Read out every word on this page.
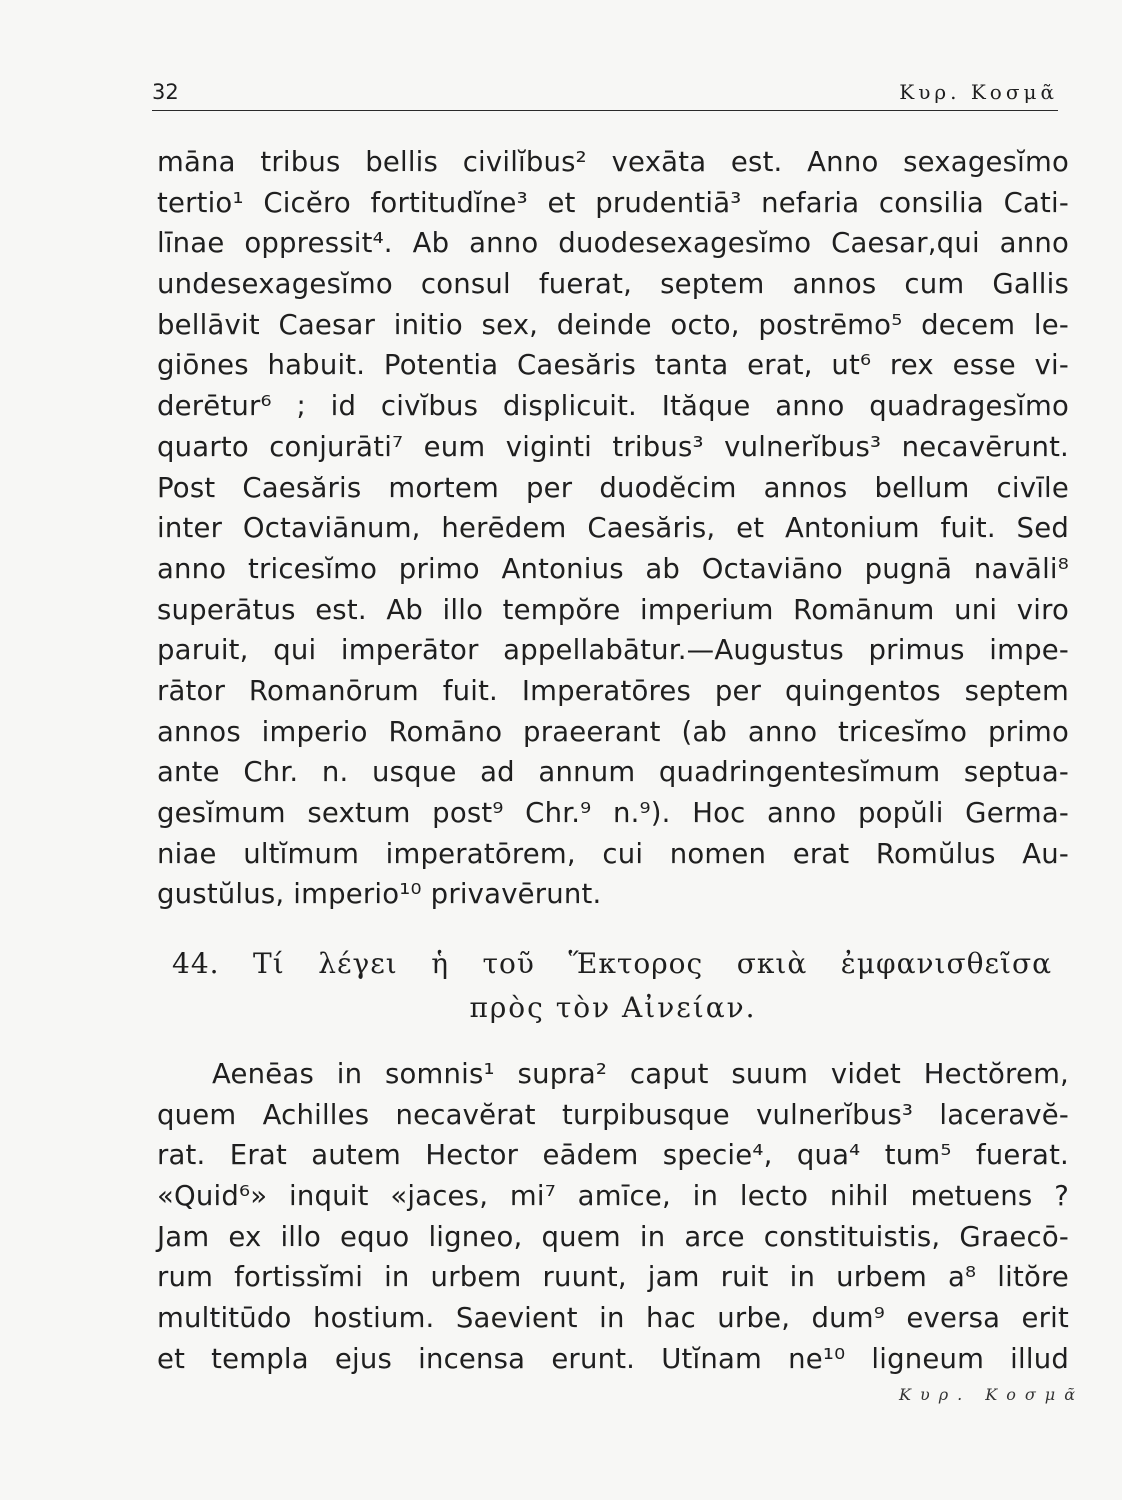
32	Κυρ. Κοσμᾶ
māna tribus bellis civilĭbus² vexāta est. Anno sexagesĭmo
tertio¹ Cicĕro fortitudĭne³ et prudentiā³ nefaria consilia Cati-
līnae oppressit⁴. Ab anno duodesexagesĭmo Caesar,qui anno
undesexagesĭmo consul fuerat, septem annos cum Gallis
bellāvit Caesar initio sex, deinde octo, postrēmo⁵ decem le-
giōnes habuit. Potentia Caesăris tanta erat, ut⁶ rex esse vi-
derētur⁶ ; id civĭbus displicuit. Ităque anno quadragesĭmo
quarto conjurāti⁷ eum viginti tribus³ vulnerĭbus³ necavērunt.
Post Caesăris mortem per duodĕcim annos bellum civīle
inter Octaviānum, herēdem Caesăris, et Antonium fuit. Sed
anno tricesĭmo primo Antonius ab Octaviāno pugnā navāli⁸
superātus est. Ab illo tempŏre imperium Romānum uni viro
paruit, qui imperātor appellabātur.—Augustus primus impe-
rātor Romanōrum fuit. Imperatōres per quingentos septem
annos imperio Romāno praeerant (ab anno tricesĭmo primo
ante Chr. n. usque ad annum quadringentesĭmum septua-
gesĭmum sextum post⁹ Chr.⁹ n.⁹). Hoc anno popŭli Germa-
niae ultĭmum imperatōrem, cui nomen erat Romŭlus Au-
gustŭlus, imperio¹⁰ privavērunt.
44. Τί λέγει ἡ τοῦ Ἕκτορος σκιὰ ἐμφανισθεῖσα
πρὸς τὸν Αἰνείαν.
Aenēas in somnis¹ supra² caput suum videt Hectŏrem,
quem Achilles necavĕrat turpibusque vulnerĭbus³ laceravĕ-
rat. Erat autem Hector eādem specie⁴, qua⁴ tum⁵ fuerat.
«Quid⁶» inquit «jaces, mi⁷ amīce, in lecto nihil metuens ?
Jam ex illo equo ligneo, quem in arce constituistis, Graecō-
rum fortissĭmi in urbem ruunt, jam ruit in urbem a⁸ litŏre
multitūdo hostium. Saevient in hac urbe, dum⁹ eversa erit
et templa ejus incensa erunt. Utĭnam ne¹⁰ ligneum illud
Κυρ. Κοσμᾶ
